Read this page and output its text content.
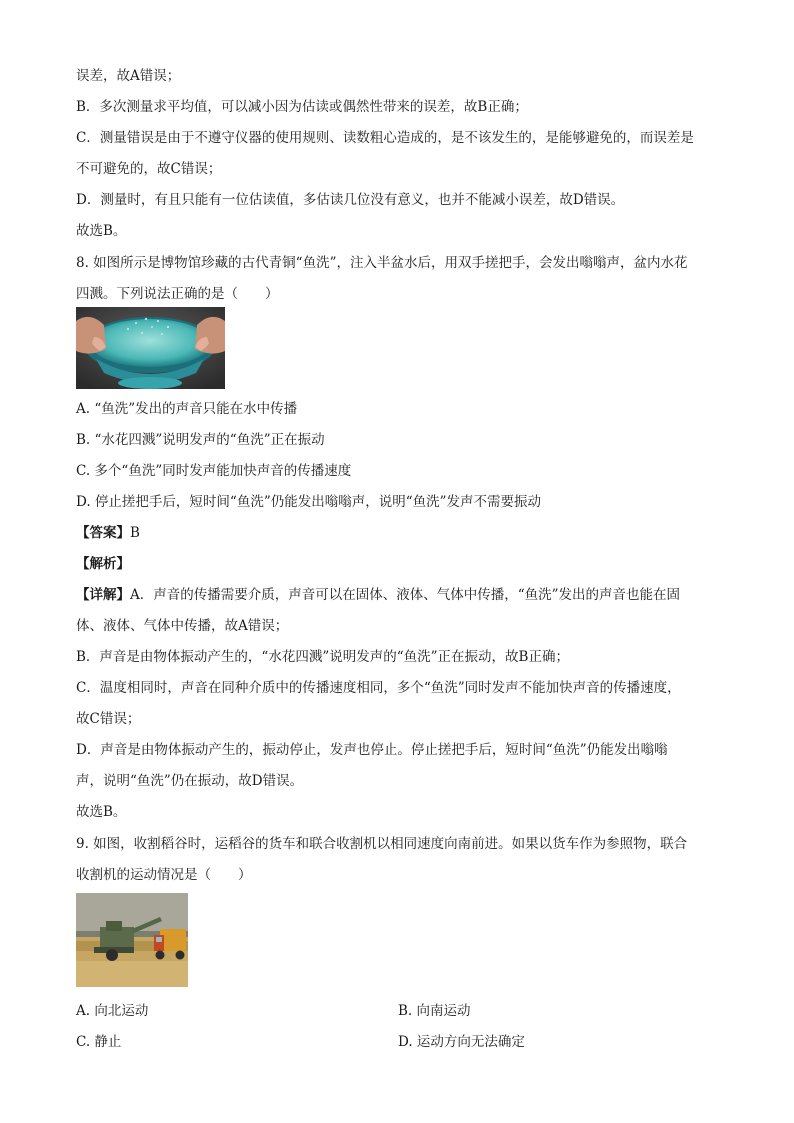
误差，故A错误；
B．多次测量求平均值，可以减小因为估读或偶然性带来的误差，故B正确；
C．测量错误是由于不遵守仪器的使用规则、读数粗心造成的，是不该发生的，是能够避免的，而误差是
不可避免的，故C错误；
D．测量时，有且只能有一位估读值，多估读几位没有意义，也并不能减小误差，故D错误。
故选B。
8. 如图所示是博物馆珍藏的古代青铜“鱼洗”，注入半盆水后，用双手搓把手，会发出嗡嗡声，盆内水花
四溅。下列说法正确的是（　　）
A. “鱼洗”发出的声音只能在水中传播
B. “水花四溅”说明发声的“鱼洗”正在振动
C. 多个“鱼洗”同时发声能加快声音的传播速度
D. 停止搓把手后，短时间“鱼洗”仍能发出嗡嗡声，说明“鱼洗”发声不需要振动
【答案】B
【解析】
【详解】A．声音的传播需要介质，声音可以在固体、液体、气体中传播，“鱼洗”发出的声音也能在固
体、液体、气体中传播，故A错误；
B．声音是由物体振动产生的，“水花四溅”说明发声的“鱼洗”正在振动，故B正确；
C．温度相同时，声音在同种介质中的传播速度相同，多个“鱼洗”同时发声不能加快声音的传播速度，
故C错误；
D．声音是由物体振动产生的，振动停止，发声也停止。停止搓把手后，短时间“鱼洗”仍能发出嗡嗡
声，说明“鱼洗”仍在振动，故D错误。
故选B。
9. 如图，收割稻谷时，运稻谷的货车和联合收割机以相同速度向南前进。如果以货车作为参照物，联合
收割机的运动情况是（　　）
A. 向北运动	B. 向南运动
C. 静止	D. 运动方向无法确定
